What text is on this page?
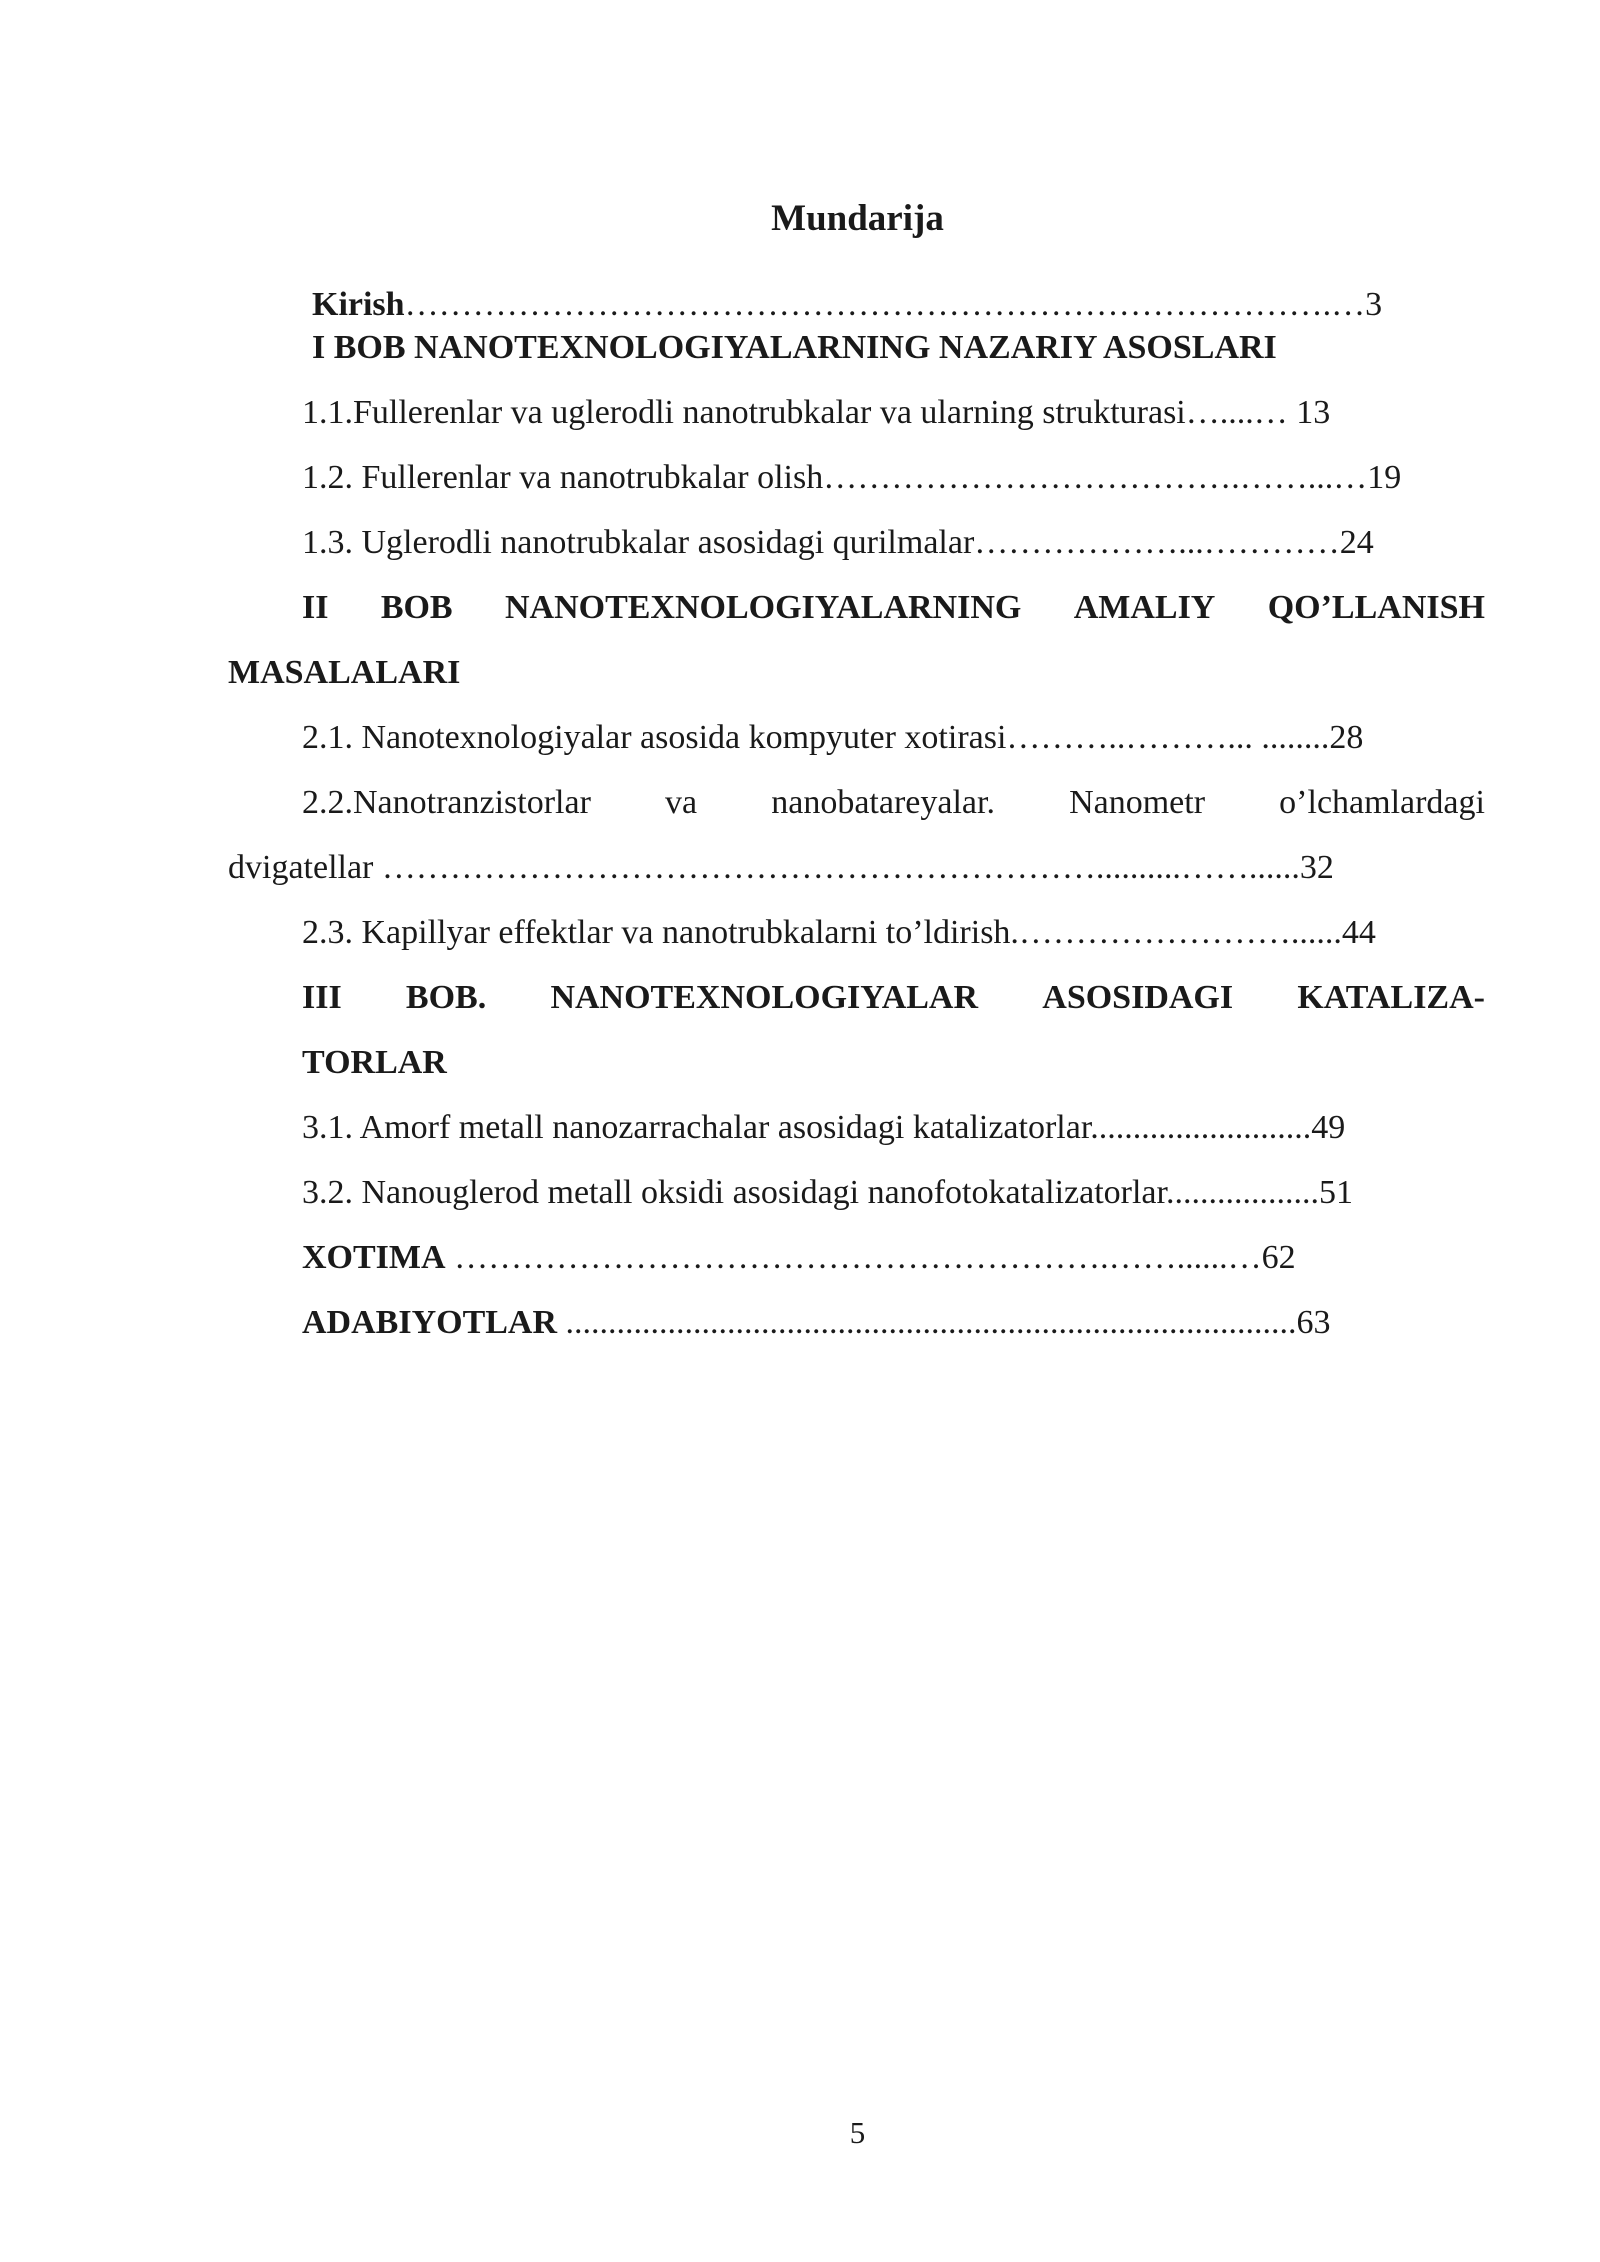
Mundarija
Kirish……………………………………………………………………….…3
I BOB NANOTEXNOLOGIYALARNING NAZARIY ASOSLARI
1.1.Fullerenlar va uglerodli nanotrubkalar va ularning strukturasi…....… 13
1.2. Fullerenlar va nanotrubkalar olish……………………………….……...…19
1.3. Uglerodli nanotrubkalar asosidagi qurilmalar………………...…………24
II BOB NANOTEXNOLOGIYALARNING AMALIY QO’LLANISH
MASALALARI
2.1. Nanotexnologiyalar asosida kompyuter xotirasi………..………... ........28
2.2.Nanotranzistorlar va nanobatareyalar. Nanometr o’lchamlardagi
dvigatellar ………………………………………………………..........……......32
2.3. Kapillyar effektlar va nanotrubkalarni to’ldirish.……………………......44
III BOB. NANOTEXNOLOGIYALAR ASOSIDAGI KATALIZA-
TORLAR
3.1. Amorf metall nanozarrachalar asosidagi katalizatorlar..........................49
3.2. Nanouglerod metall oksidi asosidagi nanofotokatalizatorlar..................51
XOTIMA ………………………………………………….……......…62
ADABIYOTLAR ......................................................................................63
5
